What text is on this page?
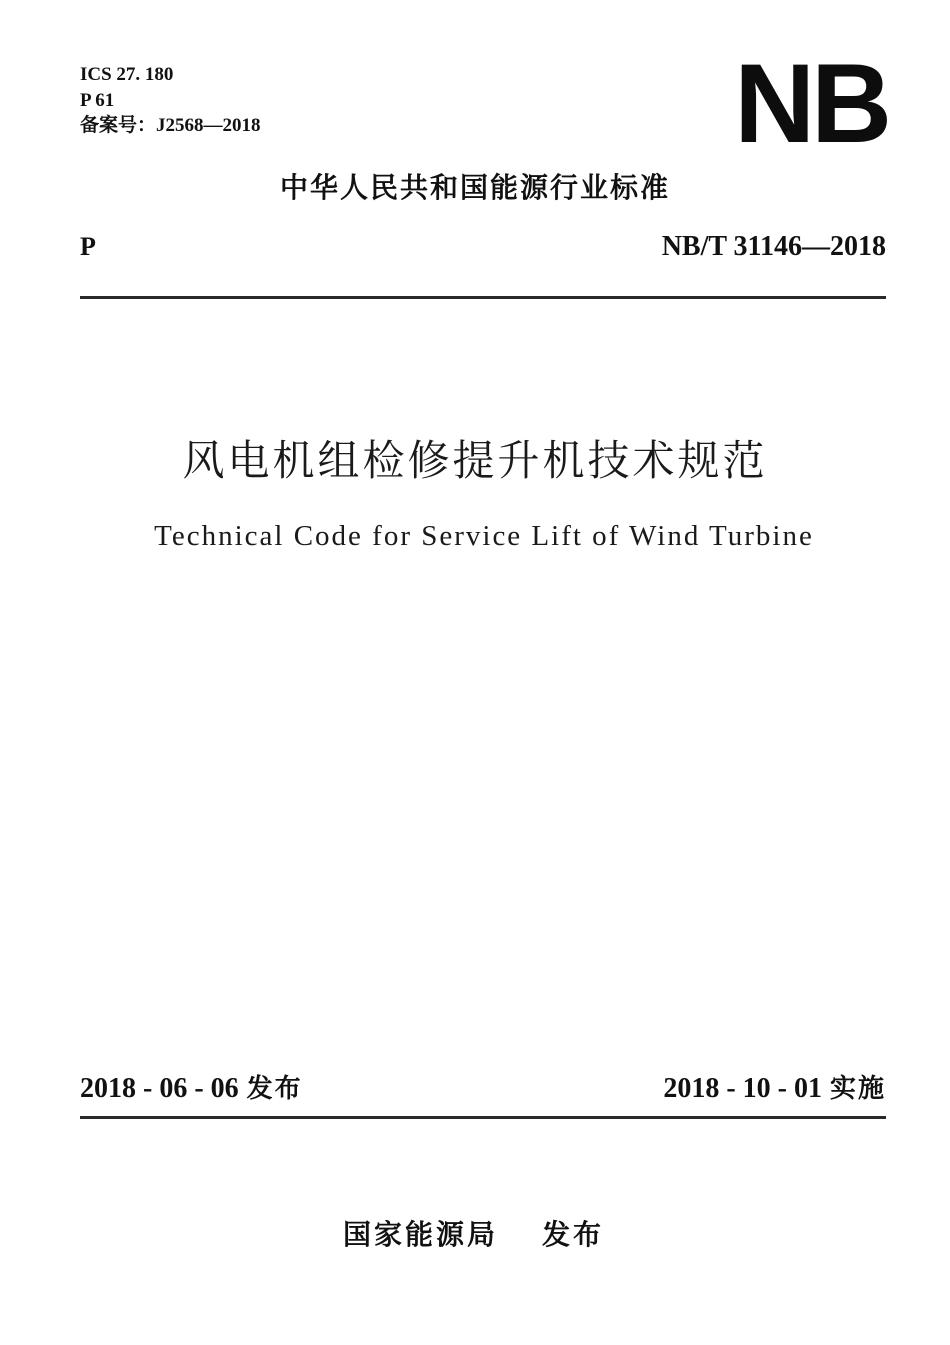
ICS 27. 180
P 61
备案号：J2568—2018	NB
中华人民共和国能源行业标准
P	NB/T 31146—2018
风电机组检修提升机技术规范
Technical Code for Service Lift of Wind Turbine
2018 - 06 - 06 发布	2018 - 10 - 01 实施
国家能源局 发布
